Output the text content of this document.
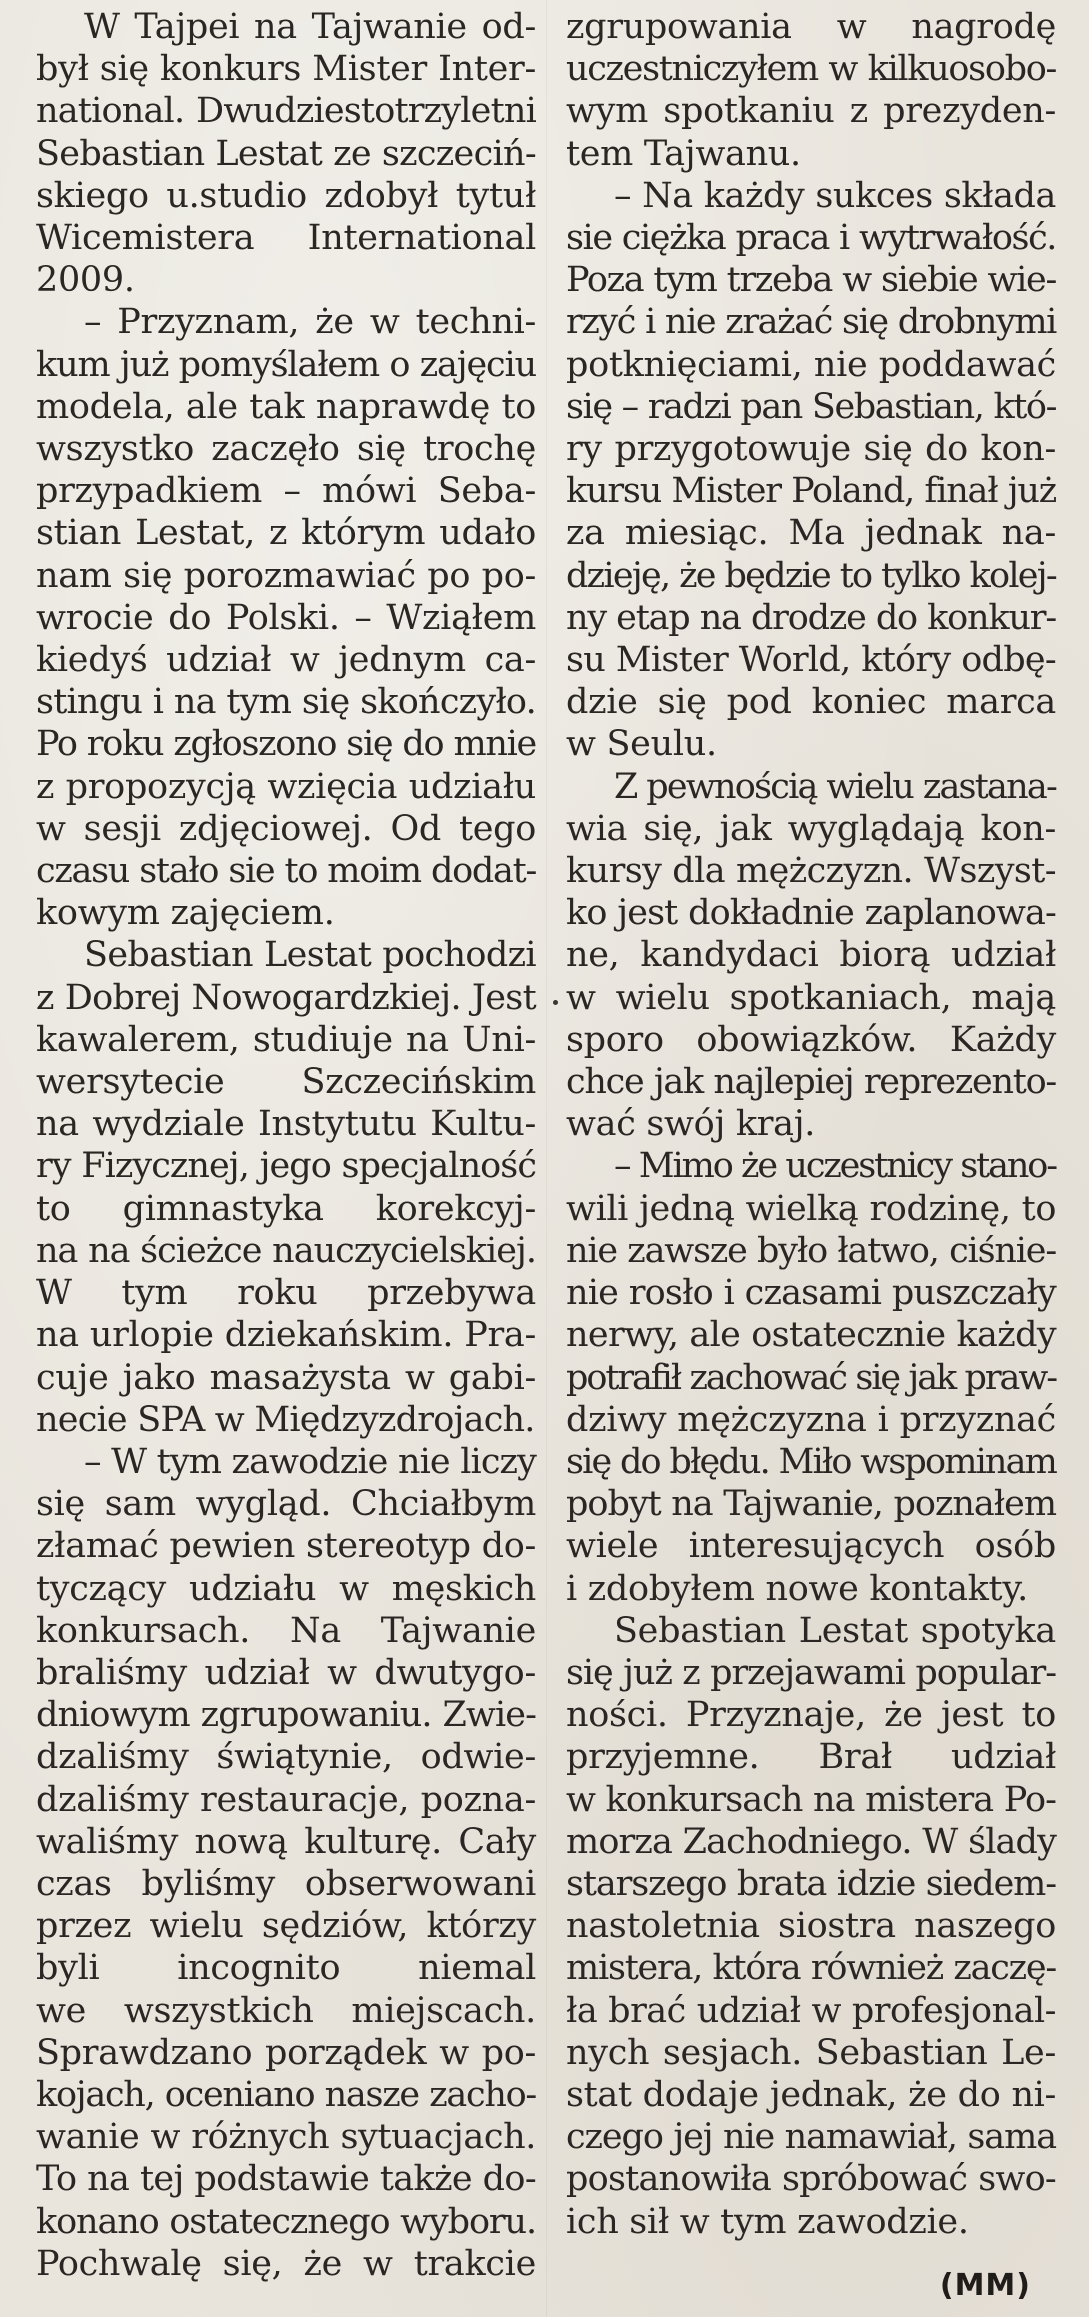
W Tajpei na Tajwanie od-
był się konkurs Mister Inter-
national. Dwudziestotrzyletni
Sebastian Lestat ze szczeciń-
skiego u.studio zdobył tytuł
Wicemistera International
2009.
– Przyznam, że w techni-
kum już pomyślałem o zajęciu
modela, ale tak naprawdę to
wszystko zaczęło się trochę
przypadkiem – mówi Seba-
stian Lestat, z którym udało
nam się porozmawiać po po-
wrocie do Polski. – Wziąłem
kiedyś udział w jednym ca-
stingu i na tym się skończyło.
Po roku zgłoszono się do mnie
z propozycją wzięcia udziału
w sesji zdjęciowej. Od tego
czasu stało sie to moim dodat-
kowym zajęciem.
Sebastian Lestat pochodzi
z Dobrej Nowogardzkiej. Jest
kawalerem, studiuje na Uni-
wersytecie Szczecińskim
na wydziale Instytutu Kultu-
ry Fizycznej, jego specjalność
to gimnastyka korekcyj-
na na ścieżce nauczycielskiej.
W tym roku przebywa
na urlopie dziekańskim. Pra-
cuje jako masażysta w gabi-
necie SPA w Międzyzdrojach.
– W tym zawodzie nie liczy
się sam wygląd. Chciałbym
złamać pewien stereotyp do-
tyczący udziału w męskich
konkursach. Na Tajwanie
braliśmy udział w dwutygo-
dniowym zgrupowaniu. Zwie-
dzaliśmy świątynie, odwie-
dzaliśmy restauracje, pozna-
waliśmy nową kulturę. Cały
czas byliśmy obserwowani
przez wielu sędziów, którzy
byli incognito niemal
we wszystkich miejscach.
Sprawdzano porządek w po-
kojach, oceniano nasze zacho-
wanie w różnych sytuacjach.
To na tej podstawie także do-
konano ostatecznego wyboru.
Pochwalę się, że w trakcie
zgrupowania w nagrodę
uczestniczyłem w kilkuosobo-
wym spotkaniu z prezyden-
tem Tajwanu.
– Na każdy sukces składa
sie ciężka praca i wytrwałość.
Poza tym trzeba w siebie wie-
rzyć i nie zrażać się drobnymi
potknięciami, nie poddawać
się – radzi pan Sebastian, któ-
ry przygotowuje się do kon-
kursu Mister Poland, finał już
za miesiąc. Ma jednak na-
dzieję, że będzie to tylko kolej-
ny etap na drodze do konkur-
su Mister World, który odbę-
dzie się pod koniec marca
w Seulu.
Z pewnością wielu zastana-
wia się, jak wyglądają kon-
kursy dla mężczyzn. Wszyst-
ko jest dokładnie zaplanowa-
ne, kandydaci biorą udział
w wielu spotkaniach, mają
sporo obowiązków. Każdy
chce jak najlepiej reprezento-
wać swój kraj.
– Mimo że uczestnicy stano-
wili jedną wielką rodzinę, to
nie zawsze było łatwo, ciśnie-
nie rosło i czasami puszczały
nerwy, ale ostatecznie każdy
potrafił zachować się jak praw-
dziwy mężczyzna i przyznać
się do błędu. Miło wspominam
pobyt na Tajwanie, poznałem
wiele interesujących osób
i zdobyłem nowe kontakty.
Sebastian Lestat spotyka
się już z przejawami popular-
ności. Przyznaje, że jest to
przyjemne. Brał udział
w konkursach na mistera Po-
morza Zachodniego. W ślady
starszego brata idzie siedem-
nastoletnia siostra naszego
mistera, która również zaczę-
ła brać udział w profesjonal-
nych sesjach. Sebastian Le-
stat dodaje jednak, że do ni-
czego jej nie namawiał, sama
postanowiła spróbować swo-
ich sił w tym zawodzie.
(MM)
